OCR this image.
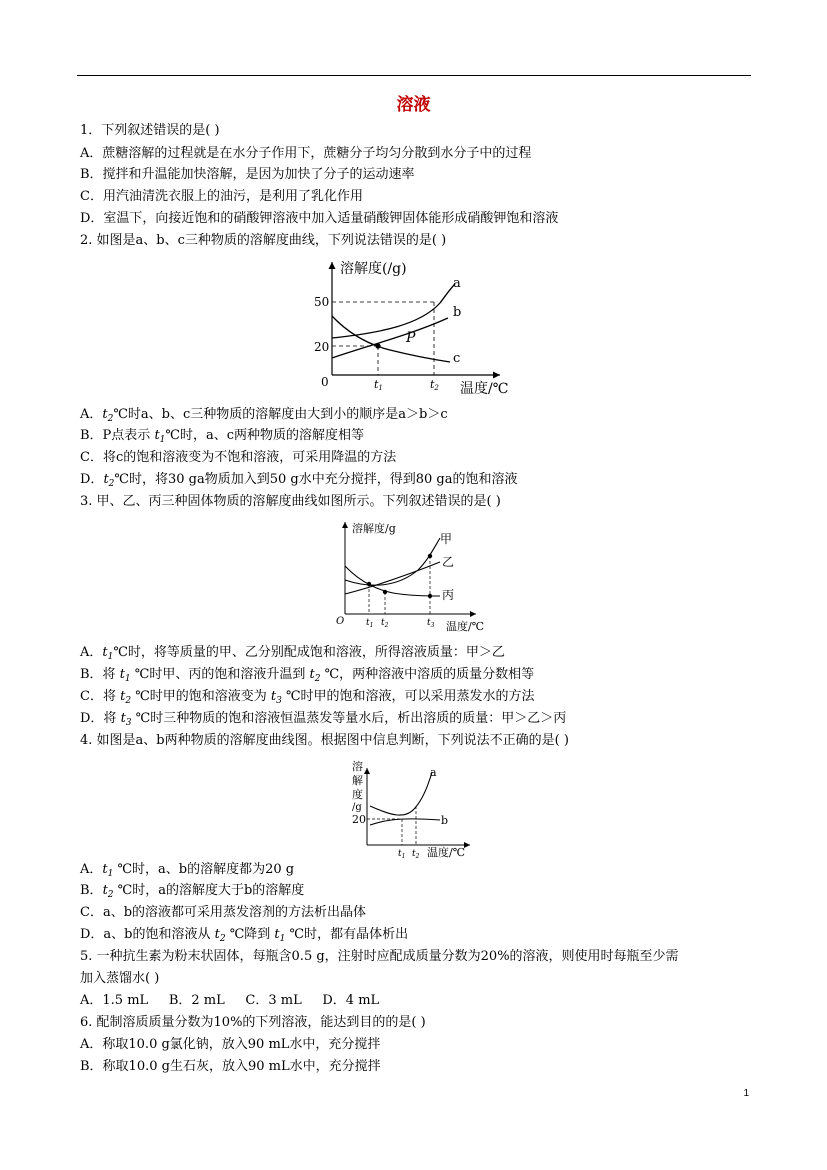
溶液
1．下列叙述错误的是( )
A．蔗糖溶解的过程就是在水分子作用下，蔗糖分子均匀分散到水分子中的过程
B．搅拌和升温能加快溶解，是因为加快了分子的运动速率
C．用汽油清洗衣服上的油污，是利用了乳化作用
D．室温下，向接近饱和的硝酸钾溶液中加入适量硝酸钾固体能形成硝酸钾饱和溶液
2. 如图是a、b、c三种物质的溶解度曲线，下列说法错误的是( )
溶解度(/g)
温度/℃
0
50
20
P
a
b
c
t1	t2
溶解度/g
温度/℃
O
甲
乙
丙
$t_1$ $t_2$	$t_3$
溶
解
度
/g
20
a
b
$t_1$ $t_2$ 温度/℃
A．$t_2℃$时a、b、c三种物质的溶解度由大到小的顺序是a＞b＞c
B．P点表示 $t_1℃$时，a、c两种物质的溶解度相等
C．将c的饱和溶液变为不饱和溶液，可采用降温的方法
D．$t_2℃$时，将30 ga物质加入到50 g水中充分搅拌，得到80 ga的饱和溶液
3. 甲、乙、丙三种固体物质的溶解度曲线如图所示。下列叙述错误的是( )
A．$t_1℃$时，将等质量的甲、乙分别配成饱和溶液，所得溶液质量：甲＞乙
B．将 $t_1$ ℃时甲、丙的饱和溶液升温到 $t_2$ ℃，两种溶液中溶质的质量分数相等
C．将 $t_2$ ℃时甲的饱和溶液变为 $t_3$ ℃时甲的饱和溶液，可以采用蒸发水的方法
D．将 $t_3$ ℃时三种物质的饱和溶液恒温蒸发等量水后，析出溶质的质量：甲＞乙＞丙
4. 如图是a、b两种物质的溶解度曲线图。根据图中信息判断，下列说法不正确的是( )
A．$t_1$ ℃时，a、b的溶解度都为20 g
B．$t_2$ ℃时，a的溶解度大于b的溶解度
C．a、b的溶液都可采用蒸发溶剂的方法析出晶体
D．a、b的饱和溶液从 $t_2$ ℃降到 $t_1$ ℃时，都有晶体析出
5. 一种抗生素为粉末状固体，每瓶含0.5 g，注射时应配成质量分数为20%的溶液，则使用时每瓶至少需
加入蒸馏水( )
A．1.5 mL     B．2 mL     C．3 mL     D．4 mL
6. 配制溶质质量分数为10%的下列溶液，能达到目的的是( )
A．称取10.0 g氯化钠，放入90 mL水中，充分搅拌
B．称取10.0 g生石灰，放入90 mL水中，充分搅拌
1
